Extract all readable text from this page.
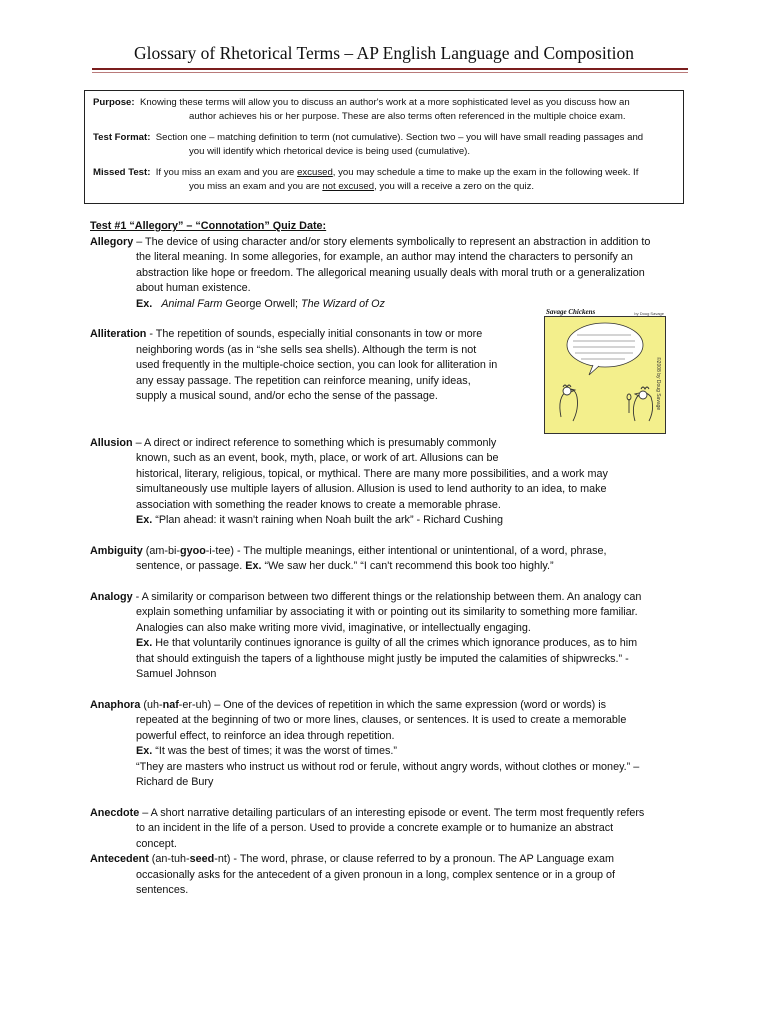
Glossary of Rhetorical Terms – AP English Language and Composition
Purpose: Knowing these terms will allow you to discuss an author's work at a more sophisticated level as you discuss how an
author achieves his or her purpose. These are also terms often referenced in the multiple choice exam.
Test Format: Section one – matching definition to term (not cumulative). Section two – you will have small reading passages and
you will identify which rhetorical device is being used (cumulative).
Missed Test: If you miss an exam and you are excused, you may schedule a time to make up the exam in the following week. If
you miss an exam and you are not excused, you will a receive a zero on the quiz.
Savage Chickens	by Doug Savage
©2008 by Doug Savage
Test #1 “Allegory” – “Connotation” Quiz Date:
Allegory – The device of using character and/or story elements symbolically to represent an abstraction in addition to
the literal meaning. In some allegories, for example, an author may intend the characters to personify an
abstraction like hope or freedom. The allegorical meaning usually deals with moral truth or a generalization
about human existence.
Ex. Animal Farm George Orwell; The Wizard of Oz
Alliteration - The repetition of sounds, especially initial consonants in tow or more
neighboring words (as in “she sells sea shells). Although the term is not
used frequently in the multiple-choice section, you can look for alliteration in
any essay passage. The repetition can reinforce meaning, unify ideas,
supply a musical sound, and/or echo the sense of the passage.
Allusion – A direct or indirect reference to something which is presumably commonly
known, such as an event, book, myth, place, or work of art. Allusions can be
historical, literary, religious, topical, or mythical. There are many more possibilities, and a work may
simultaneously use multiple layers of allusion. Allusion is used to lend authority to an idea, to make
association with something the reader knows to create a memorable phrase.
Ex. “Plan ahead: it wasn't raining when Noah built the ark” - Richard Cushing
Ambiguity (am-bi-gyoo-i-tee) - The multiple meanings, either intentional or unintentional, of a word, phrase,
sentence, or passage. Ex. “We saw her duck.” “I can't recommend this book too highly.”
Analogy - A similarity or comparison between two different things or the relationship between them. An analogy can
explain something unfamiliar by associating it with or pointing out its similarity to something more familiar.
Analogies can also make writing more vivid, imaginative, or intellectually engaging.
Ex. He that voluntarily continues ignorance is guilty of all the crimes which ignorance produces, as to him
that should extinguish the tapers of a lighthouse might justly be imputed the calamities of shipwrecks.” -
Samuel Johnson
Anaphora (uh-naf-er-uh) – One of the devices of repetition in which the same expression (word or words) is
repeated at the beginning of two or more lines, clauses, or sentences. It is used to create a memorable
powerful effect, to reinforce an idea through repetition.
Ex. “It was the best of times; it was the worst of times.”
“They are masters who instruct us without rod or ferule, without angry words, without clothes or money.” –
Richard de Bury
Anecdote – A short narrative detailing particulars of an interesting episode or event. The term most frequently refers
to an incident in the life of a person. Used to provide a concrete example or to humanize an abstract
concept.
Antecedent (an-tuh-seed-nt) - The word, phrase, or clause referred to by a pronoun. The AP Language exam
occasionally asks for the antecedent of a given pronoun in a long, complex sentence or in a group of
sentences.
